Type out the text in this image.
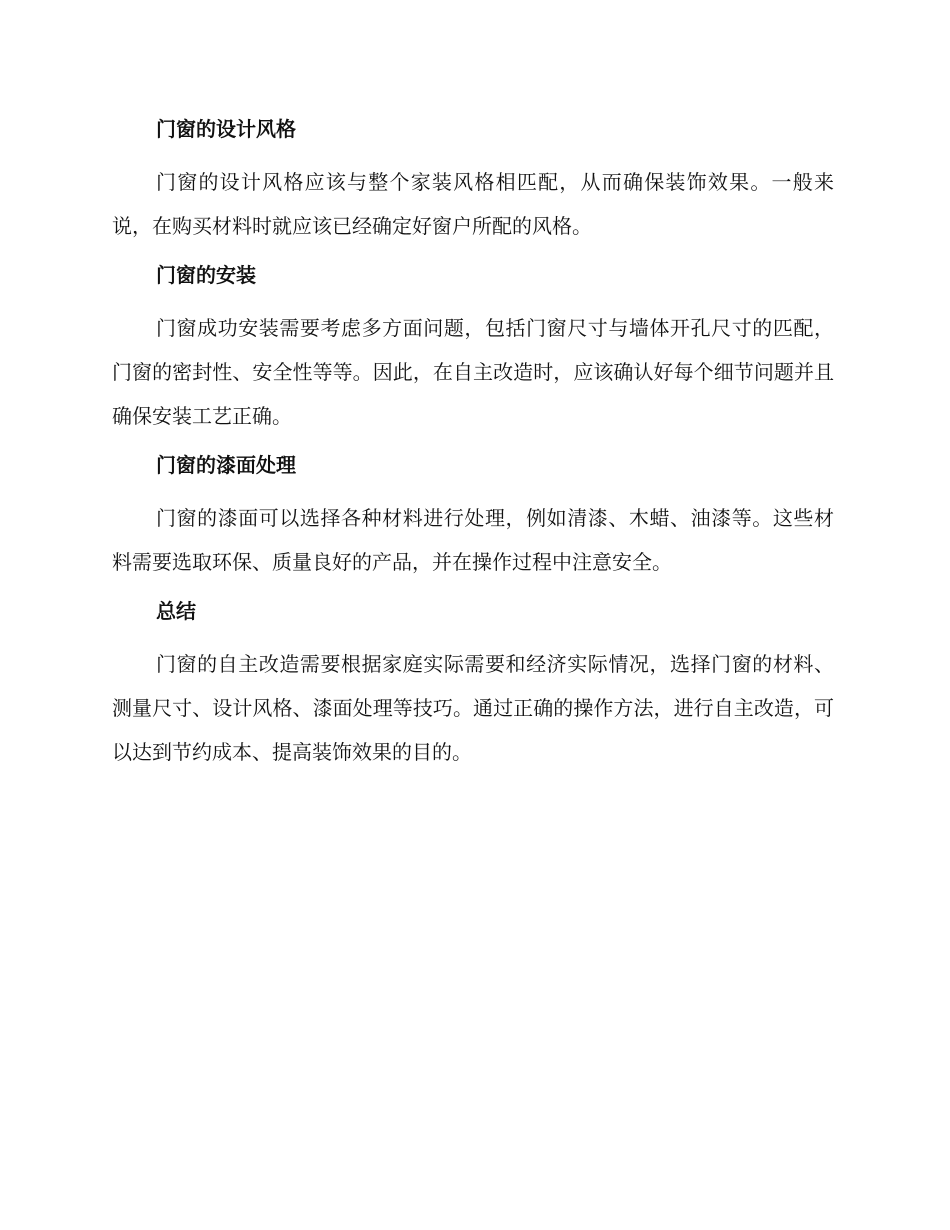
门窗的设计风格

门窗的设计风格应该与整个家装风格相匹配，从而确保装饰效果。一般来说，在购买材料时就应该已经确定好窗户所配的风格。

门窗的安装

门窗成功安装需要考虑多方面问题，包括门窗尺寸与墙体开孔尺寸的匹配，门窗的密封性、安全性等等。因此，在自主改造时，应该确认好每个细节问题并且确保安装工艺正确。

门窗的漆面处理

门窗的漆面可以选择各种材料进行处理，例如清漆、木蜡、油漆等。这些材料需要选取环保、质量良好的产品，并在操作过程中注意安全。

总结

门窗的自主改造需要根据家庭实际需要和经济实际情况，选择门窗的材料、测量尺寸、设计风格、漆面处理等技巧。通过正确的操作方法，进行自主改造，可以达到节约成本、提高装饰效果的目的。
